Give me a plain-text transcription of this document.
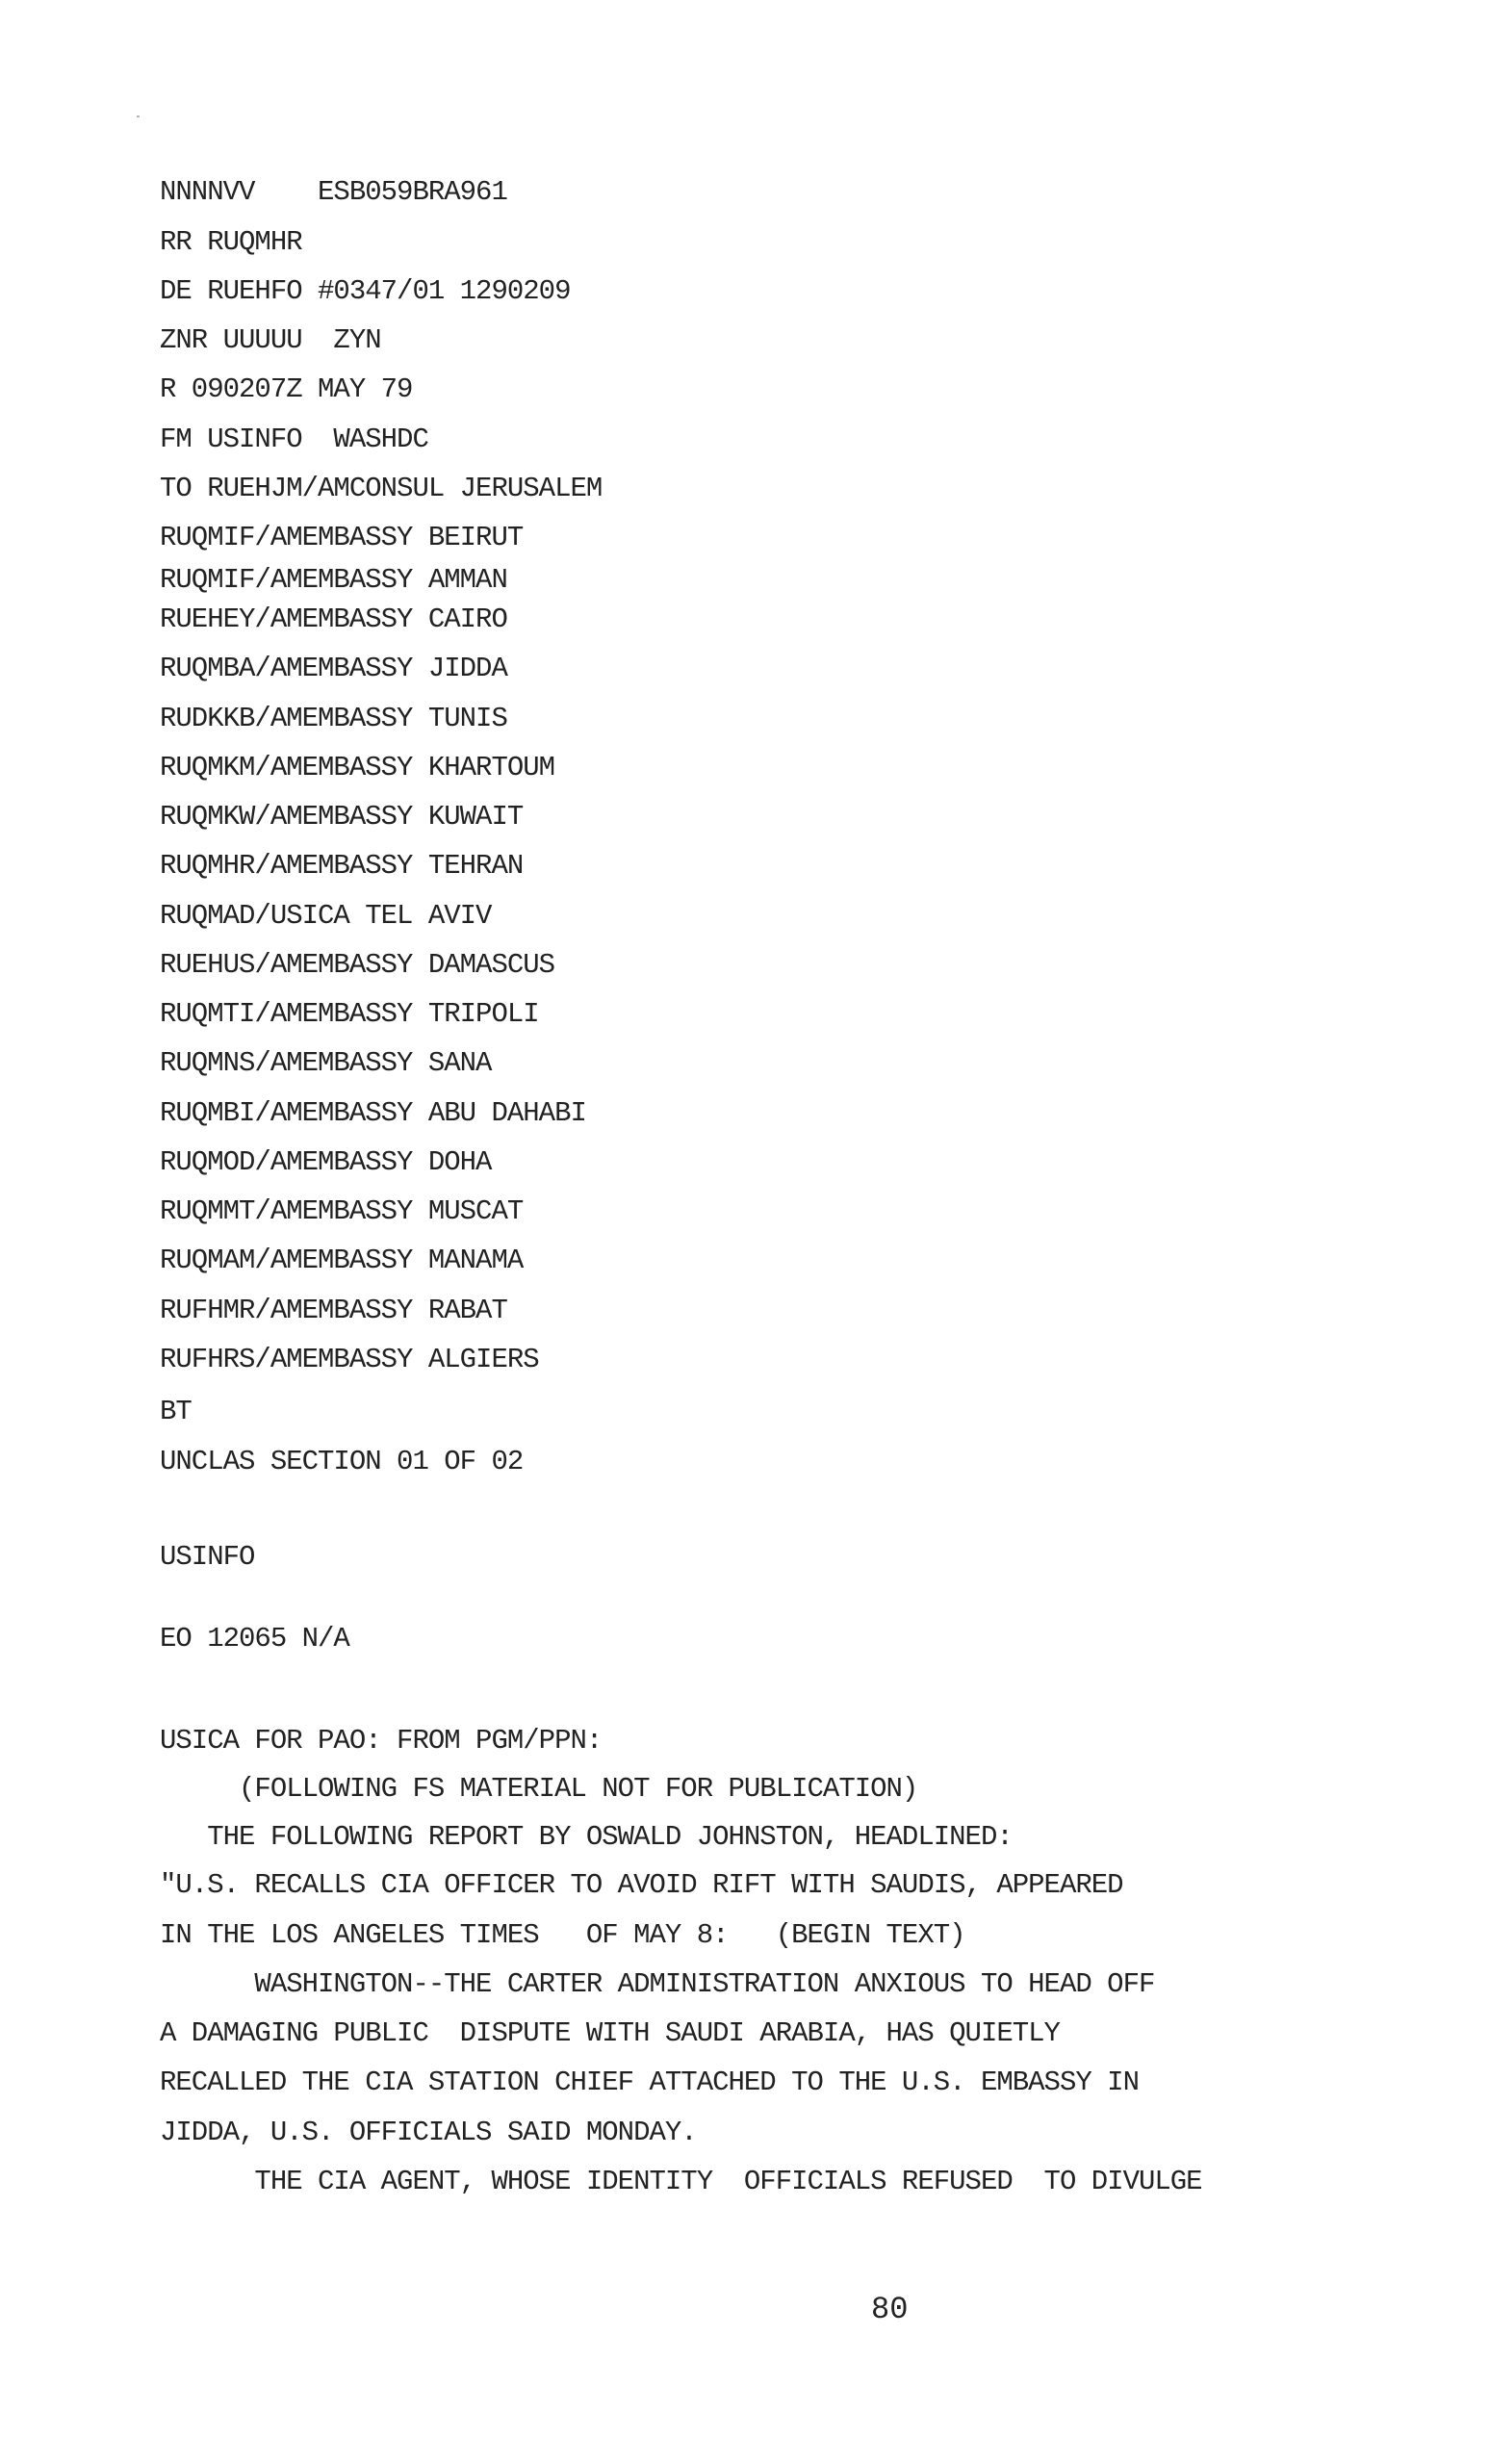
NNNNVV    ESB059BRA961
RR RUQMHR
DE RUEHFO #0347/01 1290209
ZNR UUUUU  ZYN
R 090207Z MAY 79
FM USINFO  WASHDC
TO RUEHJM/AMCONSUL JERUSALEM
RUQMIF/AMEMBASSY BEIRUT
RUQMIF/AMEMBASSY AMMAN
RUEHEY/AMEMBASSY CAIRO
RUQMBA/AMEMBASSY JIDDA
RUDKKB/AMEMBASSY TUNIS
RUQMKM/AMEMBASSY KHARTOUM
RUQMKW/AMEMBASSY KUWAIT
RUQMHR/AMEMBASSY TEHRAN
RUQMAD/USICA TEL AVIV
RUEHUS/AMEMBASSY DAMASCUS
RUQMTI/AMEMBASSY TRIPOLI
RUQMNS/AMEMBASSY SANA
RUQMBI/AMEMBASSY ABU DAHABI
RUQMOD/AMEMBASSY DOHA
RUQMMT/AMEMBASSY MUSCAT
RUQMAM/AMEMBASSY MANAMA
RUFHMR/AMEMBASSY RABAT
RUFHRS/AMEMBASSY ALGIERS
BT
UNCLAS SECTION 01 OF 02
USINFO
EO 12065 N/A
USICA FOR PAO: FROM PGM/PPN:
(FOLLOWING FS MATERIAL NOT FOR PUBLICATION)
THE FOLLOWING REPORT BY OSWALD JOHNSTON, HEADLINED:
"U.S. RECALLS CIA OFFICER TO AVOID RIFT WITH SAUDIS, APPEARED
IN THE LOS ANGELES TIMES   OF MAY 8:   (BEGIN TEXT)
WASHINGTON--THE CARTER ADMINISTRATION ANXIOUS TO HEAD OFF
A DAMAGING PUBLIC  DISPUTE WITH SAUDI ARABIA, HAS QUIETLY
RECALLED THE CIA STATION CHIEF ATTACHED TO THE U.S. EMBASSY IN
JIDDA, U.S. OFFICIALS SAID MONDAY.
THE CIA AGENT, WHOSE IDENTITY  OFFICIALS REFUSED  TO DIVULGE
80
